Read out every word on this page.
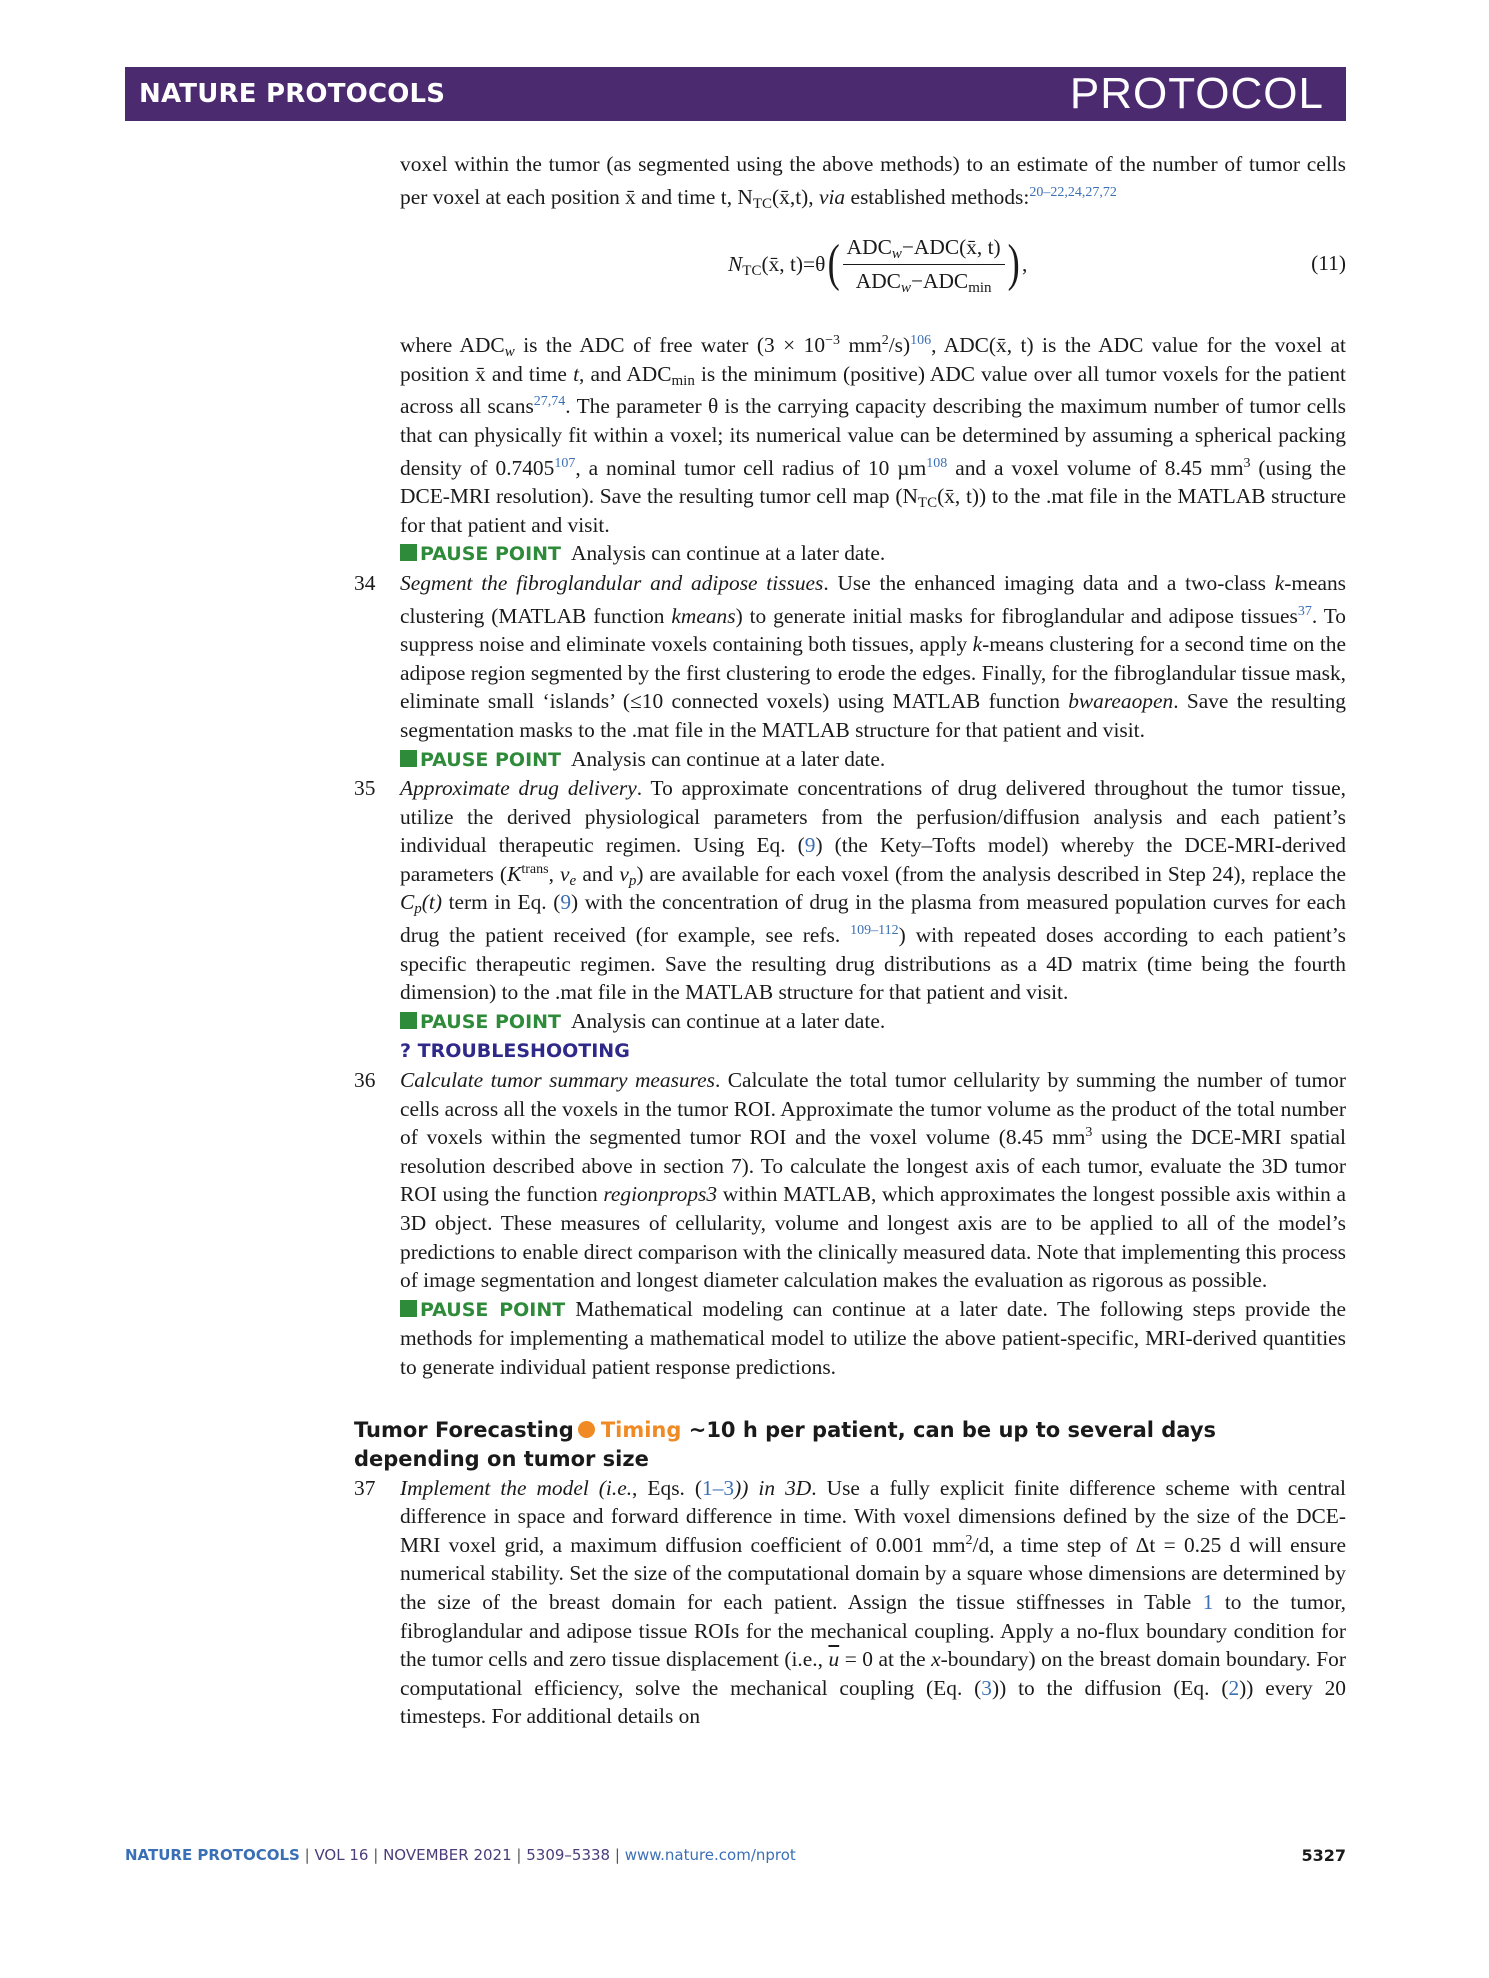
NATURE PROTOCOLS	PROTOCOL

voxel within the tumor (as segmented using the above methods) to an estimate of the number of tumor cells per voxel at each position x̄ and time t, $N_{TC}(x̄,t)$, via established methods:$^{20-22,24,27,72}$

$N_{TC}(x̄$, t)=θ ( $\frac{ADC_w-ADC(x̄, t)}{ADC_w-ADC_{min}}$ ) ,	(11)

where $ADC_w$ is the ADC of free water ($3 \times 10^{-3}$ $mm^2/s)^{106}$, ADC(x̄, t) is the ADC value for the voxel at position x̄ and time t, and $ADC_{min}$ is the minimum (positive) ADC value over all tumor voxels for the patient across all scans$^{27,74}$. The parameter θ is the carrying capacity describing the maximum number of tumor cells that can physically fit within a voxel; its numerical value can be determined by assuming a spherical packing density of 0.7405$^{107}$, a nominal tumor cell radius of 10 µm$^{108}$ and a voxel volume of 8.45 $mm^3$ (using the DCE-MRI resolution). Save the resulting tumor cell map ($N_{TC}(x̄$, t)) to the .mat file in the MATLAB structure for that patient and visit.

PAUSE POINT Analysis can continue at a later date.

34 Segment the fibroglandular and adipose tissues. Use the enhanced imaging data and a two-class k-means clustering (MATLAB function kmeans) to generate initial masks for fibroglandular and adipose tissues$^{37}$. To suppress noise and eliminate voxels containing both tissues, apply k-means clustering for a second time on the adipose region segmented by the first clustering to erode the edges. Finally, for the fibroglandular tissue mask, eliminate small ‘islands’ (≤10 connected voxels) using MATLAB function bwareaopen. Save the resulting segmentation masks to the .mat file in the MATLAB structure for that patient and visit.

PAUSE POINT Analysis can continue at a later date.

35 Approximate drug delivery. To approximate concentrations of drug delivered throughout the tumor tissue, utilize the derived physiological parameters from the perfusion/diffusion analysis and each patient’s individual therapeutic regimen. Using Eq. (9) (the Kety–Tofts model) whereby the DCE-MRI-derived parameters ($K^{trans}$, $v_e$ and $v_p$) are available for each voxel (from the analysis described in Step 24), replace the $C_p(t)$ term in Eq. (9) with the concentration of drug in the plasma from measured population curves for each drug the patient received (for example, see refs. $^{109-112}$) with repeated doses according to each patient’s specific therapeutic regimen. Save the resulting drug distributions as a 4D matrix (time being the fourth dimension) to the .mat file in the MATLAB structure for that patient and visit.

PAUSE POINT Analysis can continue at a later date.

? TROUBLESHOOTING

36 Calculate tumor summary measures. Calculate the total tumor cellularity by summing the number of tumor cells across all the voxels in the tumor ROI. Approximate the tumor volume as the product of the total number of voxels within the segmented tumor ROI and the voxel volume (8.45 $mm^3$ using the DCE-MRI spatial resolution described above in section 7). To calculate the longest axis of each tumor, evaluate the 3D tumor ROI using the function regionprops3 within MATLAB, which approximates the longest possible axis within a 3D object. These measures of cellularity, volume and longest axis are to be applied to all of the model’s predictions to enable direct comparison with the clinically measured data. Note that implementing this process of image segmentation and longest diameter calculation makes the evaluation as rigorous as possible.

PAUSE POINT Mathematical modeling can continue at a later date. The following steps provide the methods for implementing a mathematical model to utilize the above patient-specific, MRI-derived quantities to generate individual patient response predictions.

Tumor Forecasting Timing ~10 h per patient, can be up to several days depending on tumor size
37 Implement the model (i.e., Eqs. (1–3)) in 3D. Use a fully explicit finite difference scheme with central difference in space and forward difference in time. With voxel dimensions defined by the size of the DCE-MRI voxel grid, a maximum diffusion coefficient of 0.001 $mm^2/d$, a time step of Δt = 0.25 d will ensure numerical stability. Set the size of the computational domain by a square whose dimensions are determined by the size of the breast domain for each patient. Assign the tissue stiffnesses in Table 1 to the tumor, fibroglandular and adipose tissue ROIs for the mechanical coupling. Apply a no-flux boundary condition for the tumor cells and zero tissue displacement (i.e., $\overline{u} = 0$ at the x-boundary) on the breast domain boundary. For computational efficiency, solve the mechanical coupling (Eq. (3)) to the diffusion (Eq. (2)) every 20 timesteps. For additional details on

NATURE PROTOCOLS | VOL 16 | NOVEMBER 2021 | 5309–5338 | www.nature.com/nprot	5327
